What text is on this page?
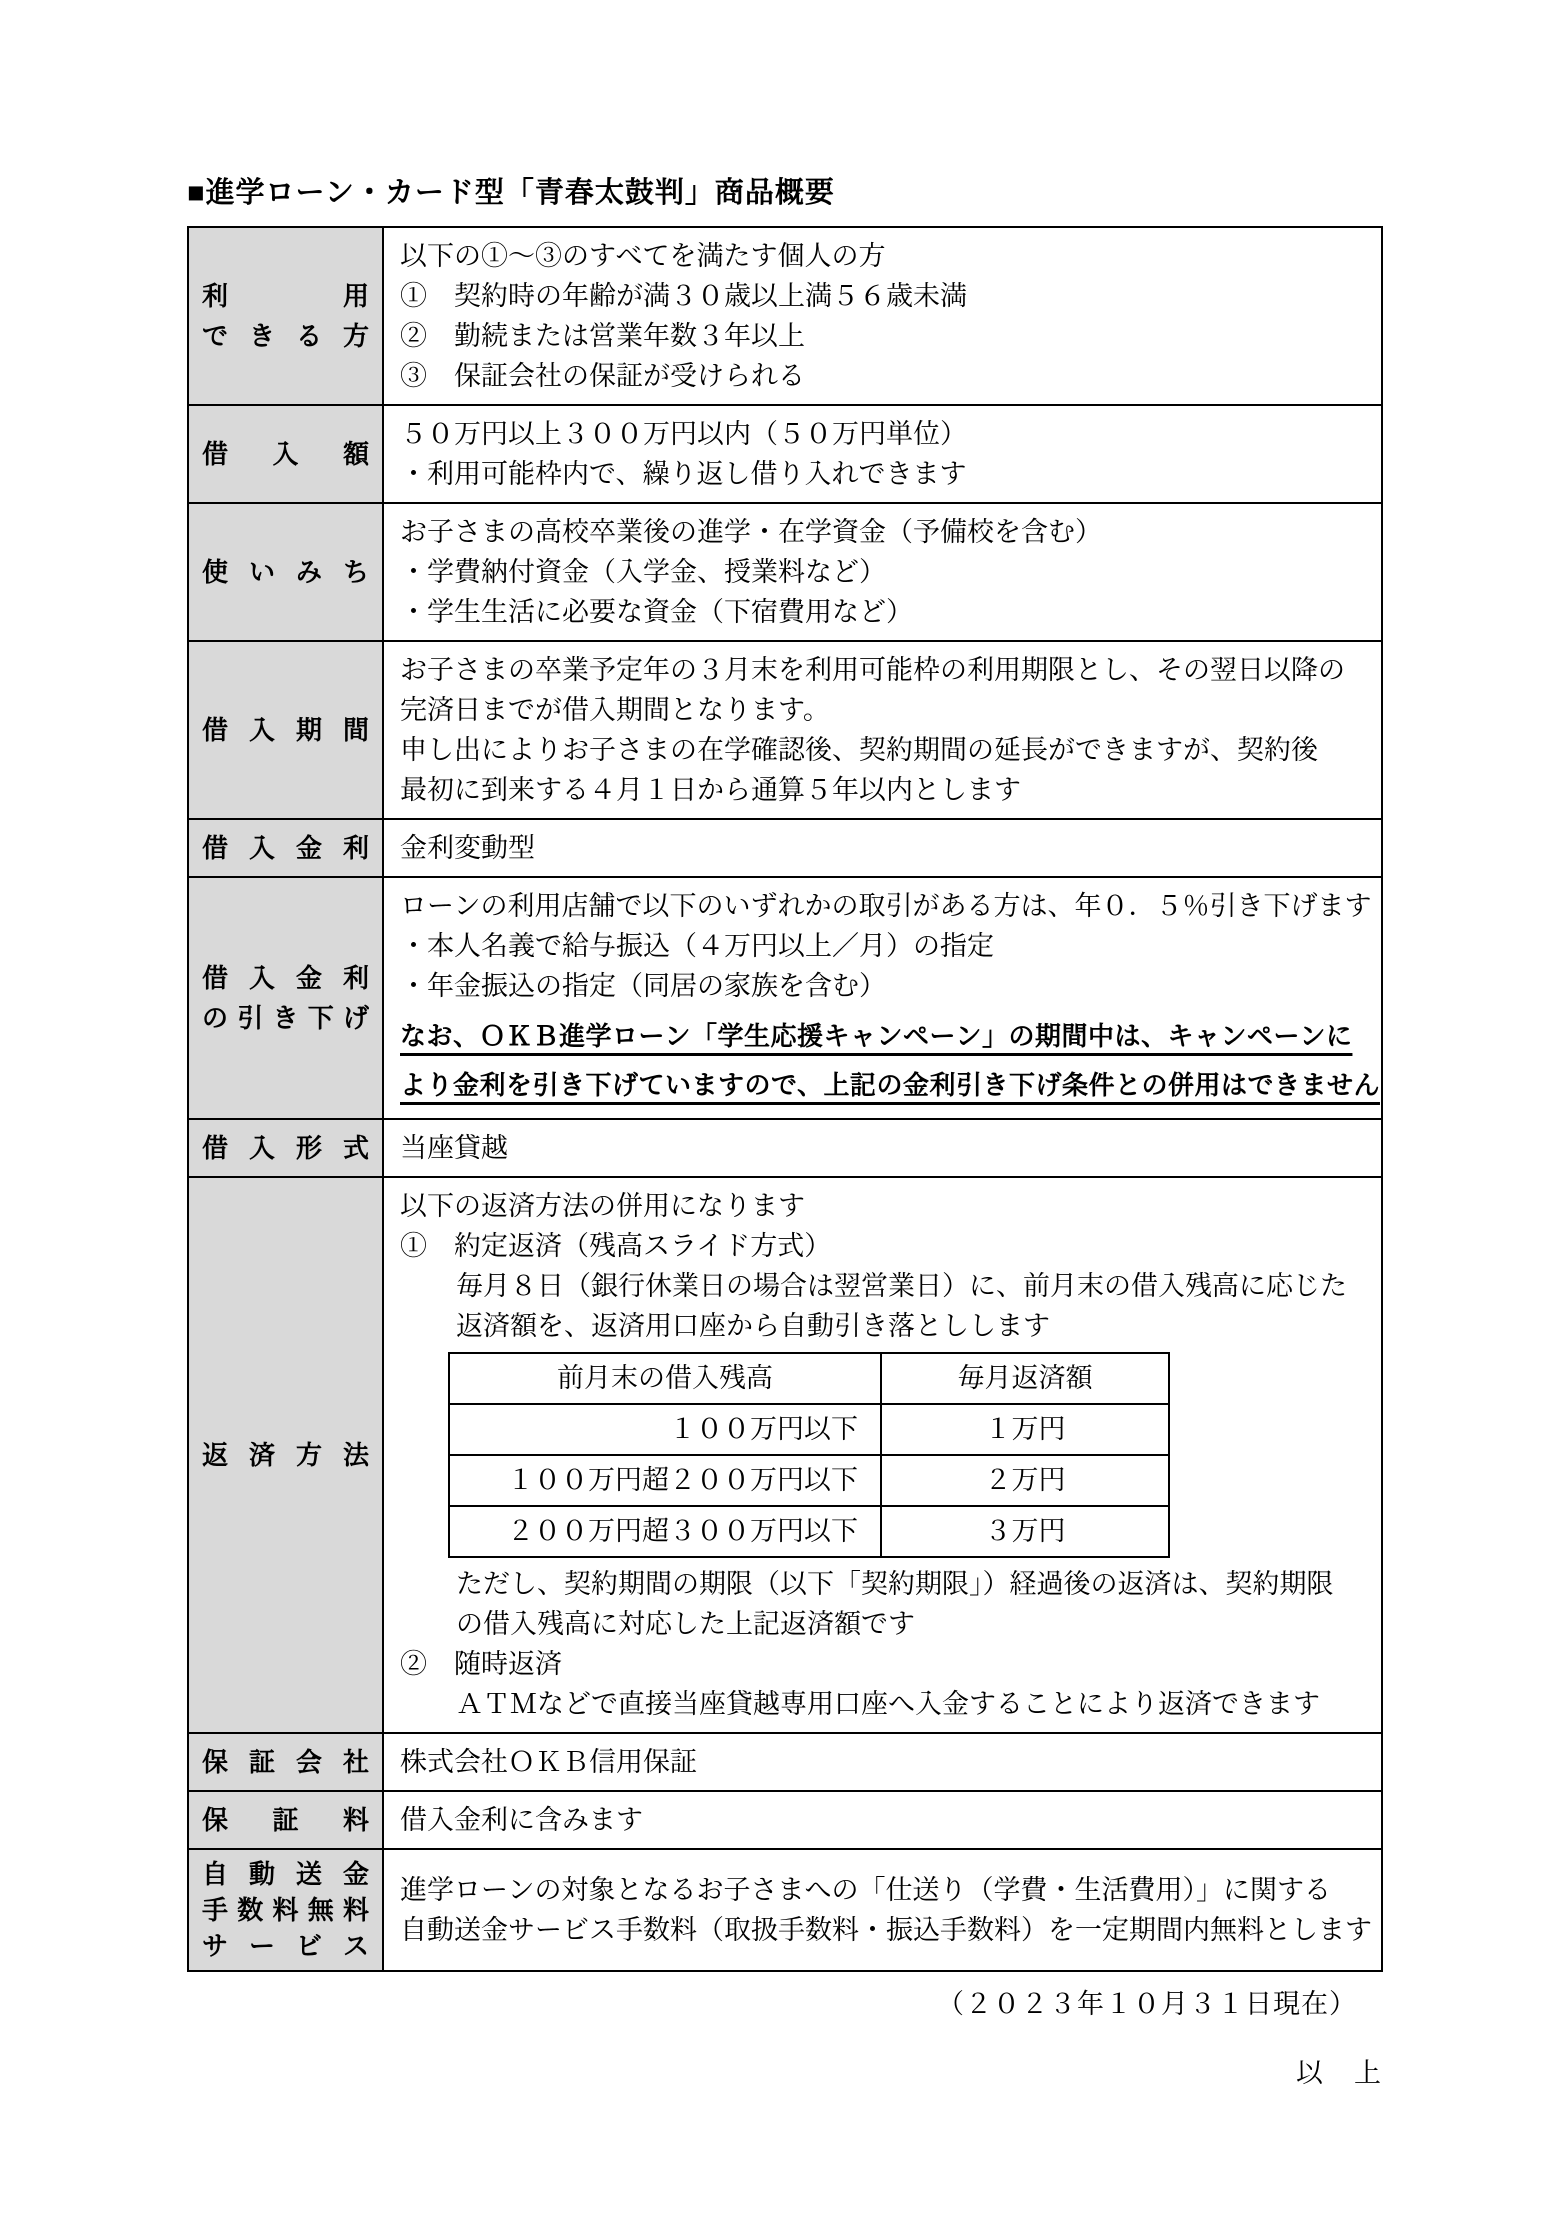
■進学ローン・カード型「青春太鼓判」商品概要
利	用
で き る 方

以下の①～③のすべてを満たす個人の方
①　契約時の年齢が満３０歳以上満５６歳未満
②　勤続または営業年数３年以上
③　保証会社の保証が受けられる

借 入 額

５０万円以上３００万円以内（５０万円単位）
・利用可能枠内で、繰り返し借り入れできます

使 い み ち

お子さまの高校卒業後の進学・在学資金（予備校を含む）
・学費納付資金（入学金、授業料など）
・学生生活に必要な資金（下宿費用など）

借 入 期 間

お子さまの卒業予定年の３月末を利用可能枠の利用期限とし、その翌日以降の
完済日までが借入期間となります。
申し出によりお子さまの在学確認後、契約期間の延長ができますが、契約後
最初に到来する４月１日から通算５年以内とします

借 入 金 利	金利変動型

借 入 金 利
の 引 き 下 げ

ローンの利用店舗で以下のいずれかの取引がある方は、年０．５％引き下げます
・本人名義で給与振込（４万円以上／月）の指定
・年金振込の指定（同居の家族を含む）
なお、ＯＫＢ進学ローン「学生応援キャンペーン」の期間中は、キャンペーンに
より金利を引き下げていますので、上記の金利引き下げ条件との併用はできません

借 入 形 式	当座貸越

返 済 方 法

以下の返済方法の併用になります
①　約定返済（残高スライド方式）
毎月８日（銀行休業日の場合は翌営業日）に、前月末の借入残高に応じた
返済額を、返済用口座から自動引き落としします
前月末の借入残高	毎月返済額
１００万円以下	１万円
１００万円超２００万円以下	２万円
２００万円超３００万円以下	３万円
ただし、契約期間の期限（以下「契約期限」）経過後の返済は、契約期限
の借入残高に対応した上記返済額です
②　随時返済
ＡＴＭなどで直接当座貸越専用口座へ入金することにより返済できます

保 証 会 社	株式会社ＯＫＢ信用保証

保 証 料	借入金利に含みます

自 動 送 金
手 数 料 無 料
サ ー ビ ス

進学ローンの対象となるお子さまへの「仕送り（学費・生活費用）」に関する
自動送金サービス手数料（取扱手数料・振込手数料）を一定期間内無料とします
（２０２３年１０月３１日現在）
以　上
